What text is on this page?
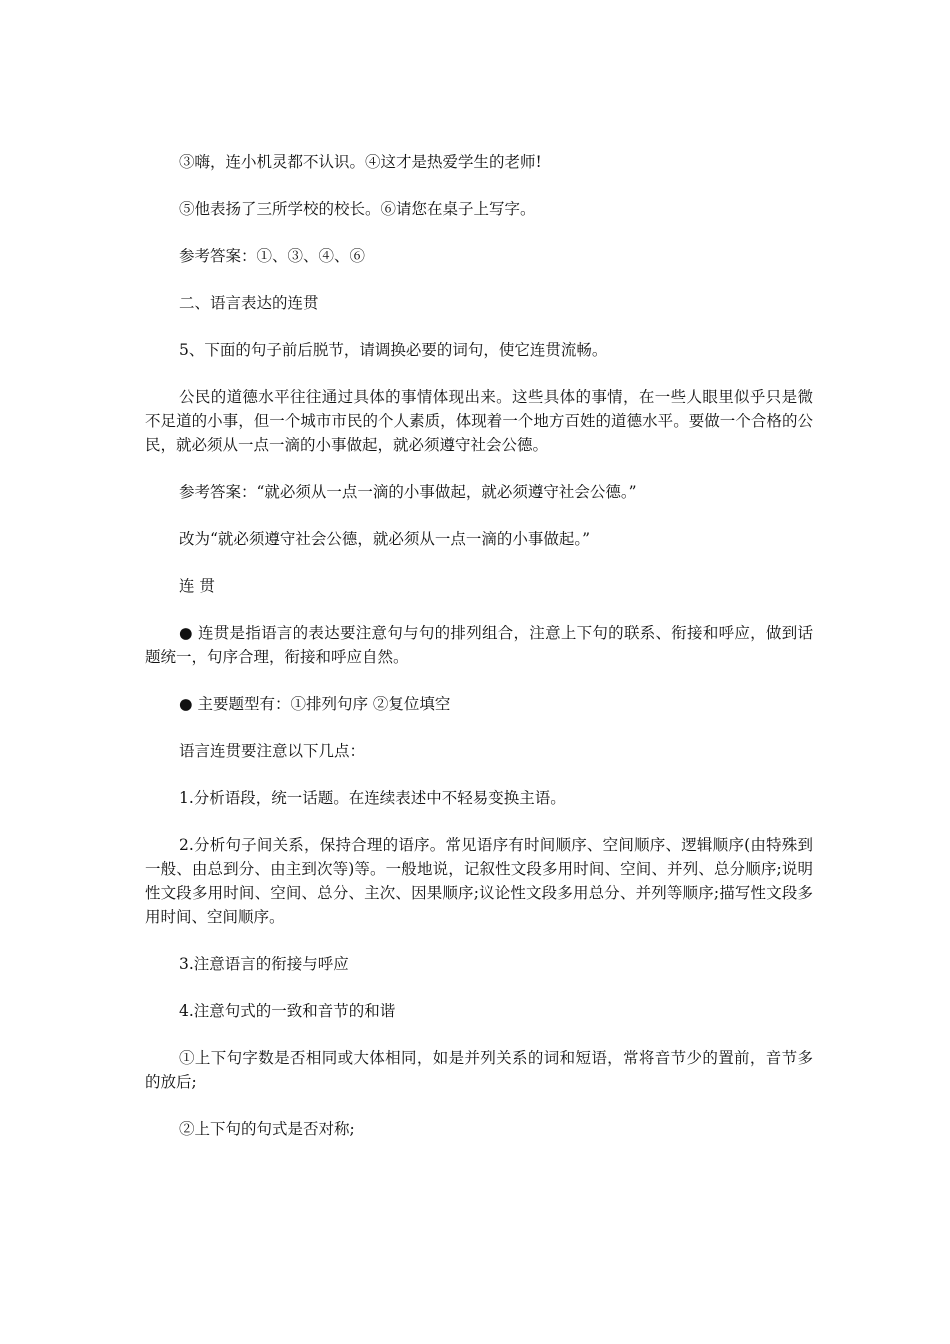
③嗨，连小机灵都不认识。④这才是热爱学生的老师!

⑤他表扬了三所学校的校长。⑥请您在桌子上写字。

参考答案：①、③、④、⑥

二、语言表达的连贯

5、下面的句子前后脱节，请调换必要的词句，使它连贯流畅。

公民的道德水平往往通过具体的事情体现出来。这些具体的事情，在一些人眼里似乎只是微不足道的小事，但一个城市市民的个人素质，体现着一个地方百姓的道德水平。要做一个合格的公民，就必须从一点一滴的小事做起，就必须遵守社会公德。

参考答案：“就必须从一点一滴的小事做起，就必须遵守社会公德。”

改为“就必须遵守社会公德，就必须从一点一滴的小事做起。”

连 贯

● 连贯是指语言的表达要注意句与句的排列组合，注意上下句的联系、衔接和呼应，做到话题统一，句序合理，衔接和呼应自然。

● 主要题型有：①排列句序 ②复位填空

语言连贯要注意以下几点：

1.分析语段，统一话题。在连续表述中不轻易变换主语。

2.分析句子间关系，保持合理的语序。常见语序有时间顺序、空间顺序、逻辑顺序(由特殊到一般、由总到分、由主到次等)等。一般地说，记叙性文段多用时间、空间、并列、总分顺序;说明性文段多用时间、空间、总分、主次、因果顺序;议论性文段多用总分、并列等顺序;描写性文段多用时间、空间顺序。

3.注意语言的衔接与呼应

4.注意句式的一致和音节的和谐

①上下句字数是否相同或大体相同，如是并列关系的词和短语，常将音节少的置前，音节多的放后;

②上下句的句式是否对称;
